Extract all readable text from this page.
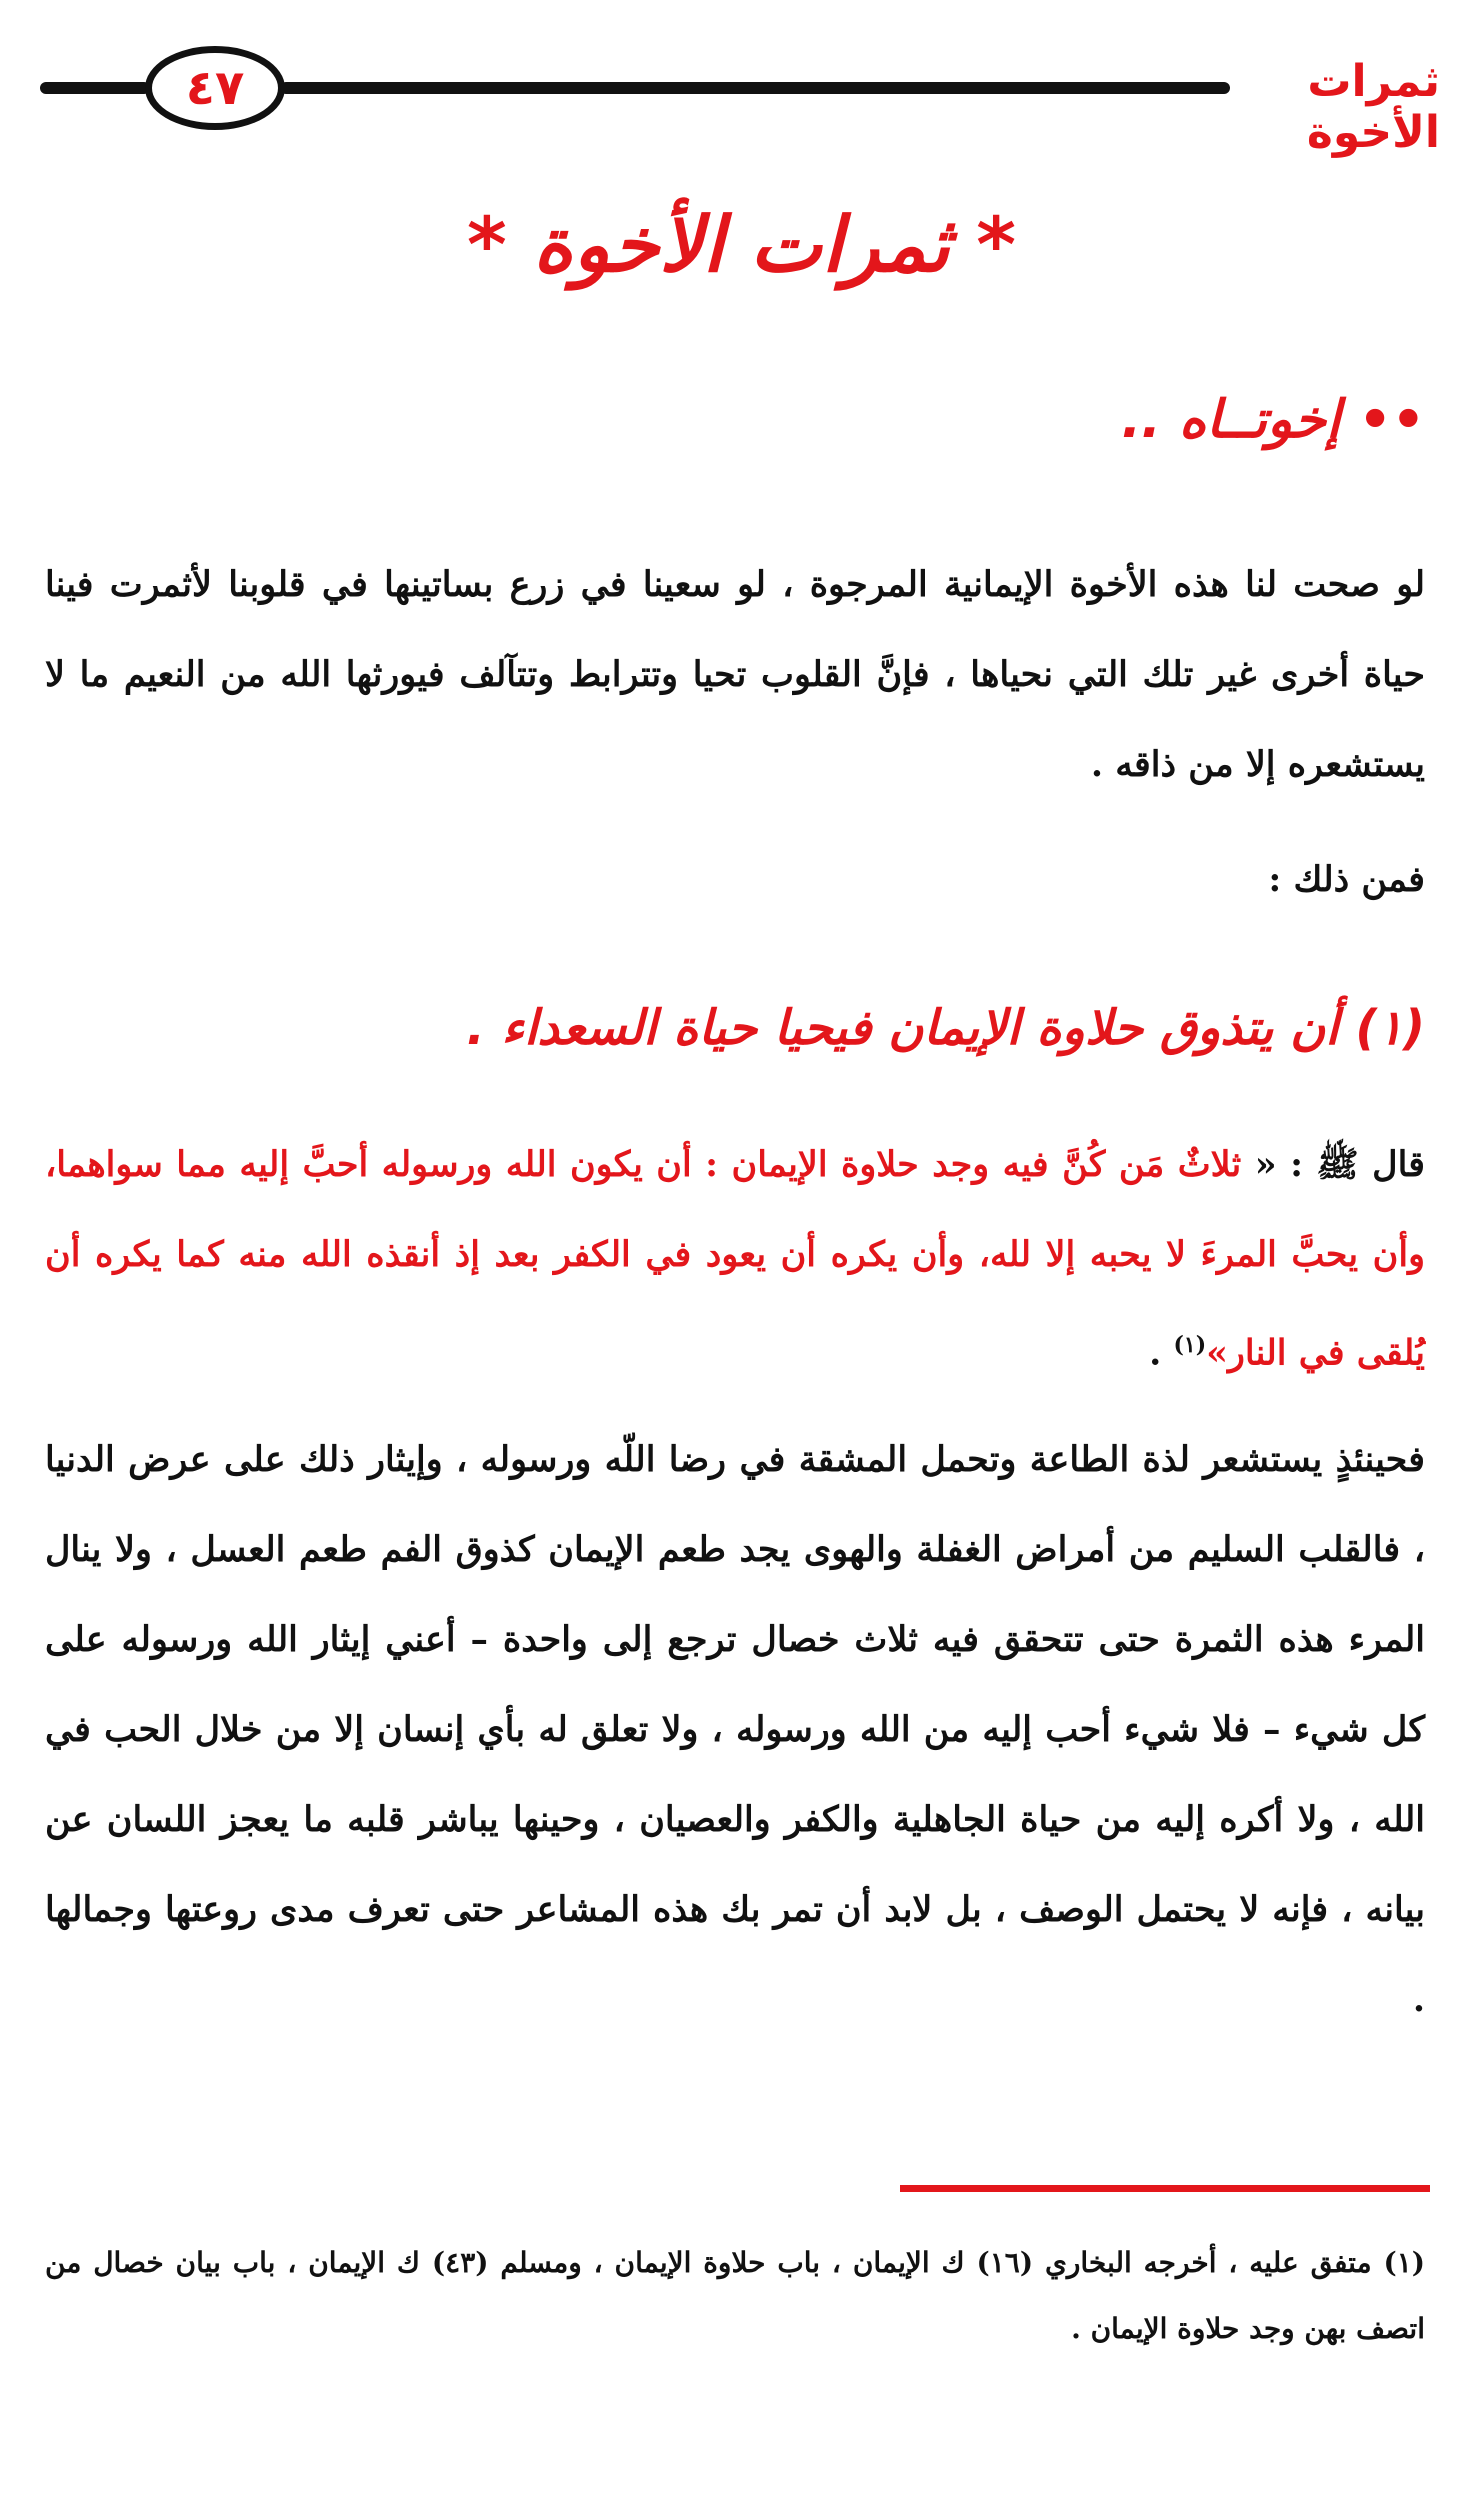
٤٧	ثمرات الأخوة
* ثمرات الأخوة *
•• إخوتــاه ..

لو صحت لنا هذه الأخوة الإيمانية المرجوة ، لو سعينا في زرع بساتينها في قلوبنا لأثمرت فينا حياة أخرى غير تلك التي نحياها ، فإنَّ القلوب تحيا وتترابط وتتآلف فيورثها الله من النعيم ما لا يستشعره إلا من ذاقه .

فمن ذلك :

(١) أن يتذوق حلاوة الإيمان فيحيا حياة السعداء .

قال ﷺ : « ثلاثٌ مَن كُنَّ فيه وجد حلاوة الإيمان : أن يكون الله ورسوله أحبَّ إليه مما سواهما، وأن يحبَّ المرءَ لا يحبه إلا لله، وأن يكره أن يعود في الكفر بعد إذ أنقذه الله منه كما يكره أن يُلقى في النار»$^{(١)}$ .

فحينئذٍ يستشعر لذة الطاعة وتحمل المشقة في رضا اللّه ورسوله ، وإيثار ذلك على عرض الدنيا ، فالقلب السليم من أمراض الغفلة والهوى يجد طعم الإيمان كذوق الفم طعم العسل ، ولا ينال المرء هذه الثمرة حتى تتحقق فيه ثلاث خصال ترجع إلى واحدة – أعني إيثار الله ورسوله على كل شيء – فلا شيء أحب إليه من الله ورسوله ، ولا تعلق له بأي إنسان إلا من خلال الحب في الله ، ولا أكره إليه من حياة الجاهلية والكفر والعصيان ، وحينها يباشر قلبه ما يعجز اللسان عن بيانه ، فإنه لا يحتمل الوصف ، بل لابد أن تمر بك هذه المشاعر حتى تعرف مدى روعتها وجمالها .

(١) متفق عليه ، أخرجه البخاري (١٦) ك الإيمان ، باب حلاوة الإيمان ، ومسلم (٤٣) ك الإيمان ، باب بيان خصال من اتصف بهن وجد حلاوة الإيمان .
